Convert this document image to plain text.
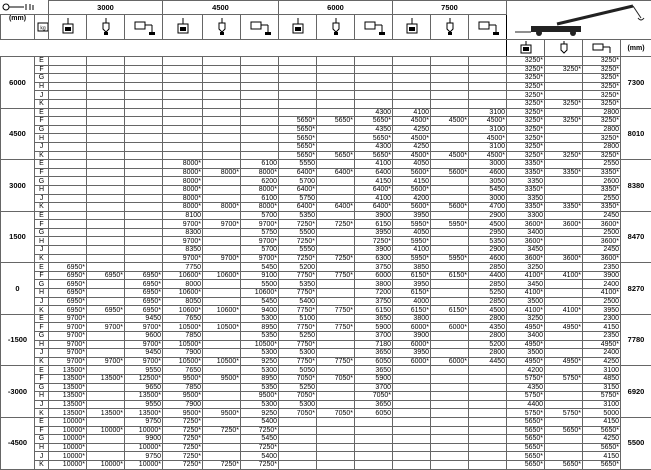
	3000			4500			6000			7500	
(mm)	kg

	(mm)
6000	E													3250*		3250*	7300
	F													3250*	3250*	3250*	
	G													3250*		3250*	
	H													3250*		3250*	
	J													3250*		3250*	
	K													3250*	3250*	3250*	
4500	E									4300	4100		3100	3250*		2800	8010
	F							5650*	5650*	5650*	4500*	4500*	4500*	3250*	3250*	3250*	
	G							5650*		4350	4250		3100	3250*		2800	
	H							5650*		5650*	4500*		4500*	3250*		3250*	
	J							5650*		4300	4250		3100	3250*		2800	
	K							5650*	5650*	5650*	4500*	4500*	4500*	3250*	3250*	3250*	
3000	E				8000*		6100	5550		4100	4050		3000	3350*		2550	8380
	F				8000*	8000*	8000*	6400*	6400*	6400	5600*	5600*	4600	3350*	3350*	3350*	
	G				8000*		6200	5700		4150	4150		3050	3350		2600	
	H				8000*		8000*	6400*		6400*	5600*		5450	3350*		3350*	
	J				8000*		6100	5750		4100	4200		3000	3350		2550	
	K				8000*	8000*	8000*	6400*	6400*	6400*	5600*	5600*	4700	3350*	3350*	3350*	
1500	E				8100		5700	5350		3900	3950		2900	3300		2450	8470
	F				9700*	9700*	9700*	7250*	7250*	6150	5950*	5950*	4500	3600*	3600*	3600*	
	G				8300		5750	5500		3950	4050		2950	3400		2500	
	H				9700*		9700*	7250*		7250*	5950*		5350	3600*		3600*	
	J				8350		5700	5550		3900	4100		2900	3450		2450	
	K				9700*	9700*	9700*	7250*	7250*	6300	5950*	5950*	4600	3600*	3600*	3600*	
0	E	6950*			7750		5450	5200		3750	3850		2850	3250		2350	8270
	F	6950*	6950*	6950*	10600*	10600*	9100	7750*	7750*	6000	6150*	6150*	4400	4100*	4100*	3900	
	G	6950*		6950*	8000		5500	5350		3800	3950		2850	3450		2400	
	H	6950*		6950*	10600*		10600*	7750*		7200	6150*		5250	4100*		4100*	
	J	6950*		6950*	8050		5450	5400		3750	4000		2850	3500		2500	
	K	6950*	6950*	6950*	10600*	10600*	9400	7750*	7750*	6150	6150*	6150*	4500	4100*	4100*	3950	
-1500	E	9700*		9450	7650		5300	5100		3650	3800		2800	3250		2300	7780
	F	9700*	9700*	9700*	10500*	10500*	8950	7750*	7750*	5900	6000*	6000*	4350	4950*	4950*	4150	
	G	9700*		9600	7850		5350	5250		3700	3900		2800	3400		2350	
	H	9700*		9700*	10500*		10500*	7750*		7180	6000*		5200	4950*		4950*	
	J	9700*		9450	7900		5300	5300		3650	3950		2800	3500		2400	
	K	9700*	9700*	9700*	10500*	10500*	9250	7750*	7750*	6050	6000*	6000*	4450	4950*	4950*	4250	
-3000	E	13500*		9550	7650		5300	5050		3650				4200		3100	6920
	F	13500*	13500*	12500*	9500*	9500*	8950	7050*	7050*	5900				5750*	5750*	4850	
	G	13500*		9650	7850		5350	5250		3700				4350		3150	
	H	13500*		13500*	9500*		9500*	7050*		7050*				5750*		5750*	
	J	13500*		9550	7900		5300	5300		3650				4400		3100	
	K	13500*	13500*	13500*	9500*	9500*	9250	7050*	7050*	6050				5750*	5750*	5000	
-4500	E	10000*		9750	7250*		5400							5650*		4150	5500
	F	10000*	10000*	10000*	7250*	7250*	7250*							5650*	5650*	5650*	
	G	10000*		9900	7250*		5450							5650*		4250	
	H	10000*		10000*	7250*		7250*							5650*		5650*	
	J	10000*		9750	7250*		5400							5650*		4150	
	K	10000*	10000*	10000*	7250*	7250*	7250*							5650*	5650*	5650*	
